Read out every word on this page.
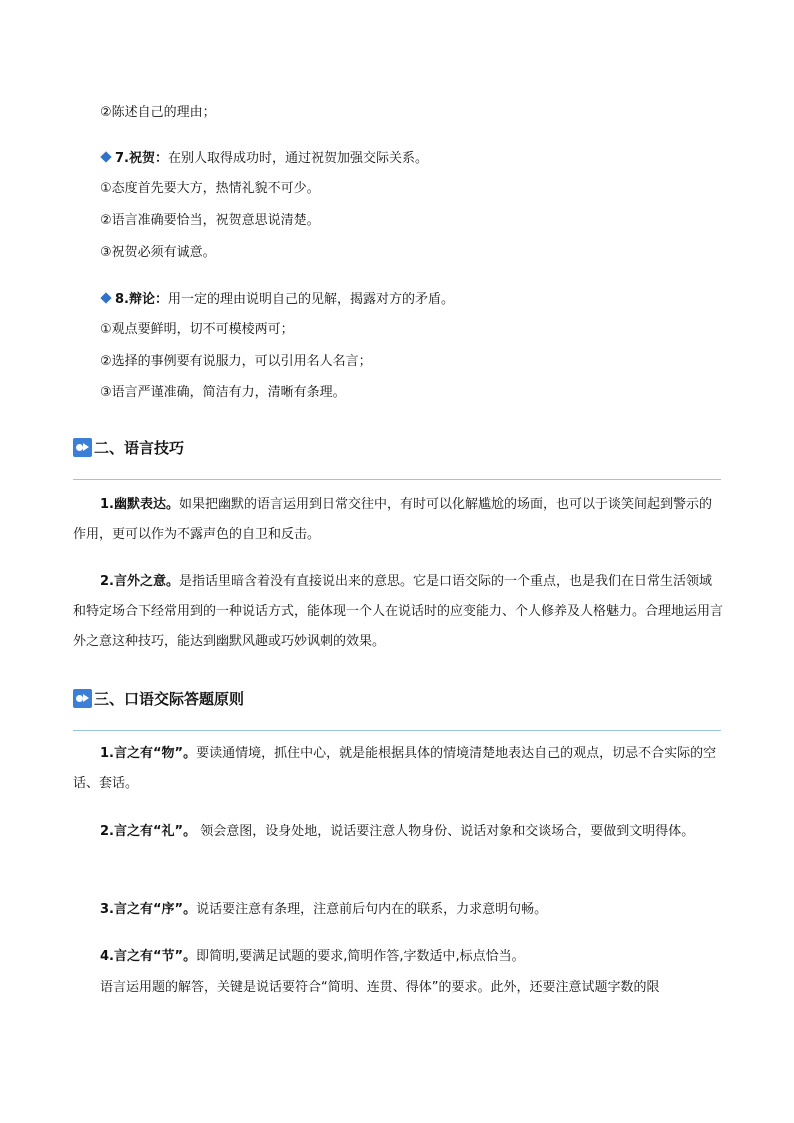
②陈述自己的理由；
7.祝贺：在别人取得成功时，通过祝贺加强交际关系。
①态度首先要大方，热情礼貌不可少。
②语言准确要恰当，祝贺意思说清楚。
③祝贺必须有诚意。
8.辩论：用一定的理由说明自己的见解，揭露对方的矛盾。
①观点要鲜明，切不可模棱两可；
②选择的事例要有说服力，可以引用名人名言；
③语言严谨准确，简洁有力，清晰有条理。
二、语言技巧
1.幽默表达。如果把幽默的语言运用到日常交往中，有时可以化解尴尬的场面，也可以于谈笑间起到警示的作用，更可以作为不露声色的自卫和反击。
2.言外之意。是指话里暗含着没有直接说出来的意思。它是口语交际的一个重点，也是我们在日常生活领域和特定场合下经常用到的一种说话方式，能体现一个人在说话时的应变能力、个人修养及人格魅力。合理地运用言外之意这种技巧，能达到幽默风趣或巧妙讽刺的效果。
三、口语交际答题原则
1.言之有“物”。要读通情境，抓住中心，就是能根据具体的情境清楚地表达自己的观点，切忌不合实际的空话、套话。
2.言之有“礼”。 领会意图，设身处地，说话要注意人物身份、说话对象和交谈场合，要做到文明得体。
3.言之有“序”。说话要注意有条理，注意前后句内在的联系，力求意明句畅。
4.言之有“节”。即简明,要满足试题的要求,简明作答,字数适中,标点恰当。
语言运用题的解答，关键是说话要符合“简明、连贯、得体”的要求。此外，还要注意试题字数的限
